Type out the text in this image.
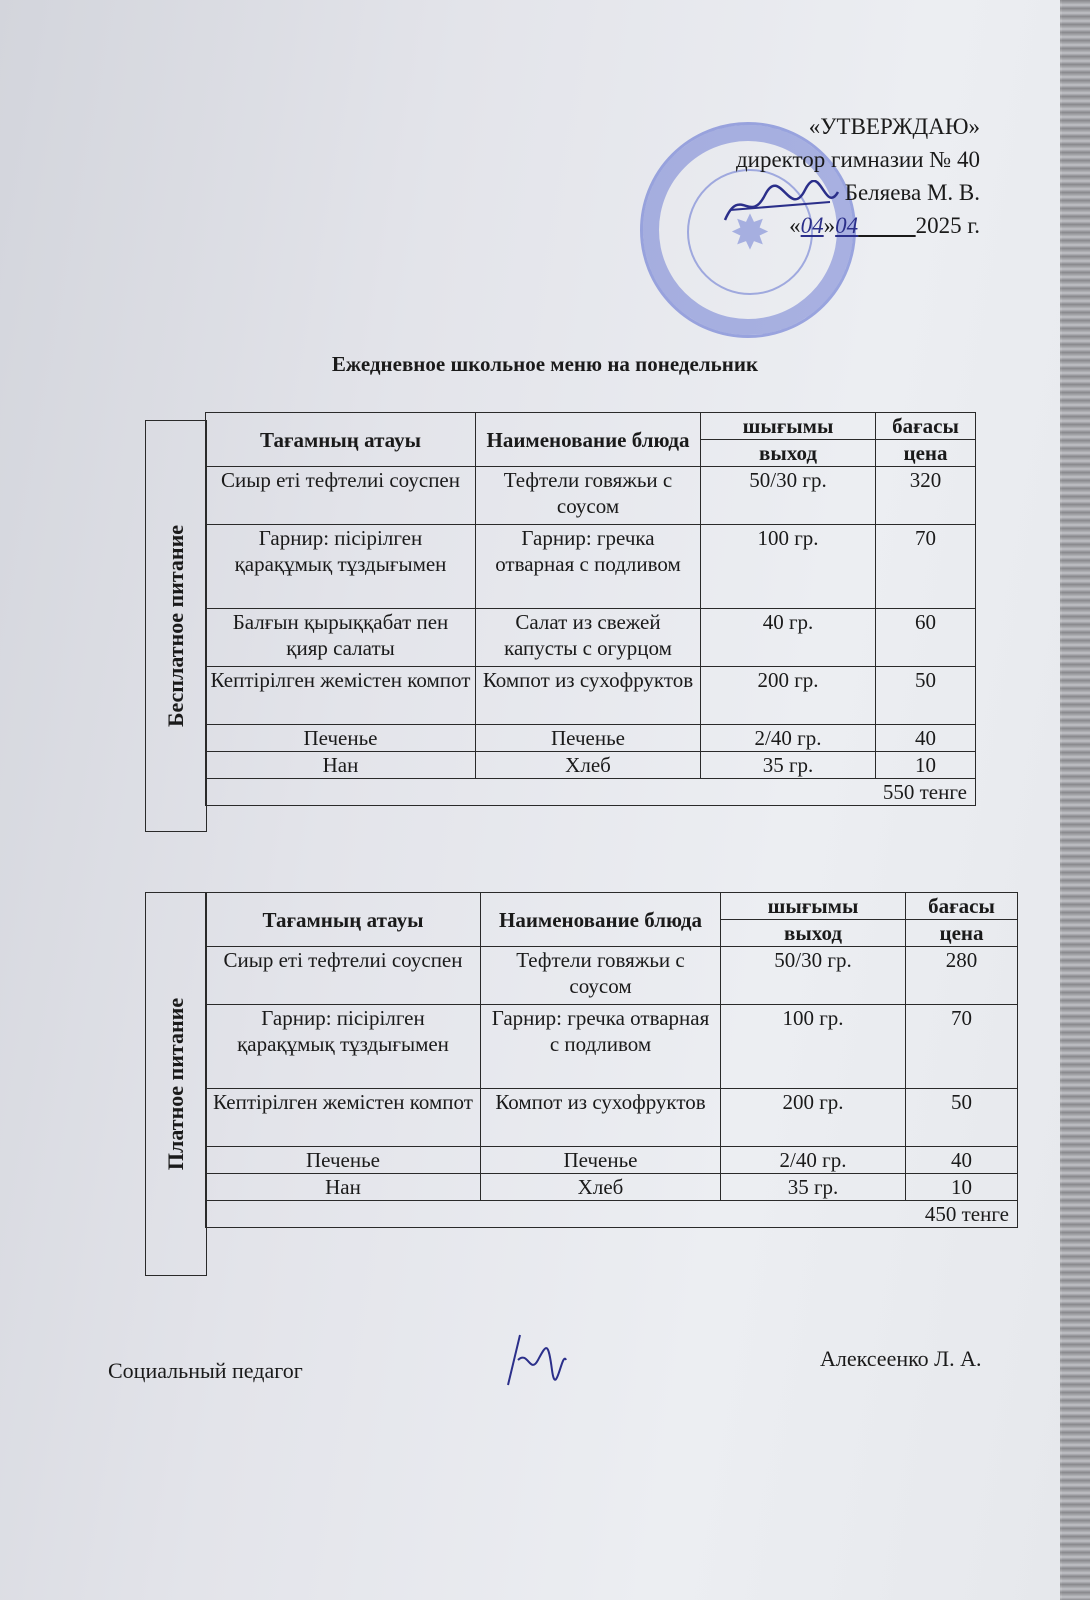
✸
«УТВЕРЖДАЮ»
директор гимназии № 40
Беляева М. В.
«04»04	2025 г.
Ежедневное школьное меню на понедельник
Бесплатное питание
Тағамның атауы	Наименование блюда	шығымы	бағасы
		выход	цена
Сиыр еті тефтелиі соуспен	Тефтели говяжьи с соусом	50/30 гр.	320
Гарнир: пісірілген қарақұмық тұздығымен	Гарнир: гречка отварная с подливом	100 гр.	70
Балғын қырыққабат пен қияр салаты	Салат из свежей капусты с огурцом	40 гр.	60
Кептірілген жемістен компот	Компот из сухофруктов	200 гр.	50
Печенье	Печенье	2/40 гр.	40
Нан	Хлеб	35 гр.	10
550 тенге			
Платное питание
Тағамның атауы	Наименование блюда	шығымы	бағасы
		выход	цена
Сиыр еті тефтелиі соуспен	Тефтели говяжьи с соусом	50/30 гр.	280
Гарнир: пісірілген қарақұмық тұздығымен	Гарнир: гречка отварная с подливом	100 гр.	70
Кептірілген жемістен компот	Компот из сухофруктов	200 гр.	50
Печенье	Печенье	2/40 гр.	40
Нан	Хлеб	35 гр.	10
450 тенге			
Социальный педагог	Алексеенко Л. А.
